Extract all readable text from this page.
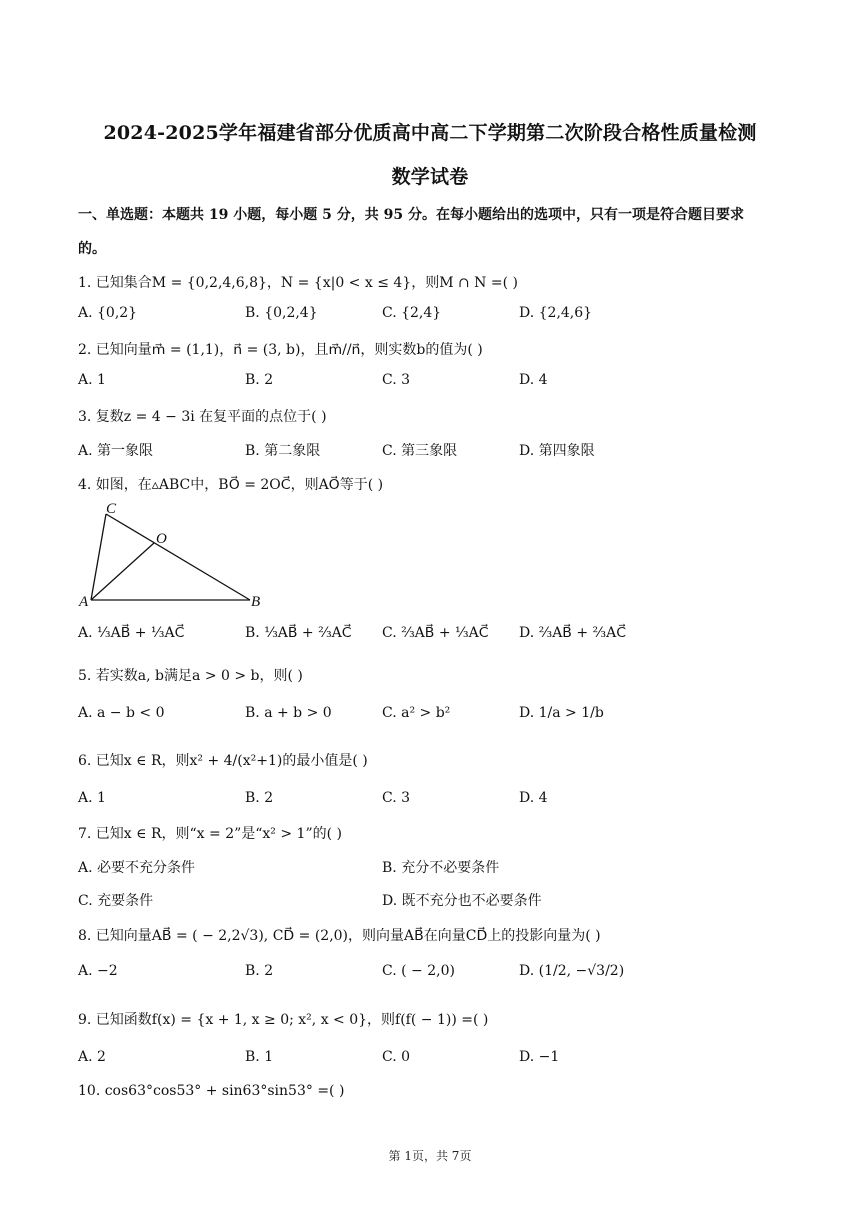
2024-2025学年福建省部分优质高中高二下学期第二次阶段合格性质量检测
数学试卷
一、单选题：本题共 19 小题，每小题 5 分，共 95 分。在每小题给出的选项中，只有一项是符合题目要求
的。
1. 已知集合M = {0,2,4,6,8}，N = {x|0 < x ≤ 4}，则M ∩ N =( )
A. {0,2}	B. {0,2,4}	C. {2,4}	D. {2,4,6}
2. 已知向量m⃗ = (1,1)，n⃗ = (3, b)，且m⃗//n⃗，则实数b的值为( )
A. 1	B. 2	C. 3	D. 4
3. 复数z = 4 − 3i 在复平面的点位于( )
A. 第一象限	B. 第二象限	C. 第三象限	D. 第四象限
4. 如图，在▵ABC中，BO⃗ = 2OC⃗，则AO⃗等于( )
C
O
A	B
A. ⅓AB⃗ + ⅓AC⃗	B. ⅓AB⃗ + ⅔AC⃗ C. ⅔AB⃗ + ⅓AC⃗ D. ⅔AB⃗ + ⅔AC⃗
5. 若实数a, b满足a > 0 > b，则( )
A. a − b < 0	B. a + b > 0	C. a² > b²	D. 1/a > 1/b
6. 已知x ∈ R，则x² + 4/(x²+1)的最小值是( )
A. 1	B. 2	C. 3	D. 4
7. 已知x ∈ R，则“x = 2”是“x² > 1”的( )
A. 必要不充分条件	B. 充分不必要条件
C. 充要条件	D. 既不充分也不必要条件
8. 已知向量AB⃗ = ( − 2,2√3), CD⃗ = (2,0)，则向量AB⃗在向量CD⃗上的投影向量为( )
A. −2	B. 2	C. ( − 2,0)	D. (1/2, −√3/2)
9. 已知函数f(x) = {x + 1, x ≥ 0; x², x < 0}，则f(f( − 1)) =( )
A. 2	B. 1	C. 0	D. −1
10. cos63°cos53° + sin63°sin53° =( )
第 1页，共 7页
